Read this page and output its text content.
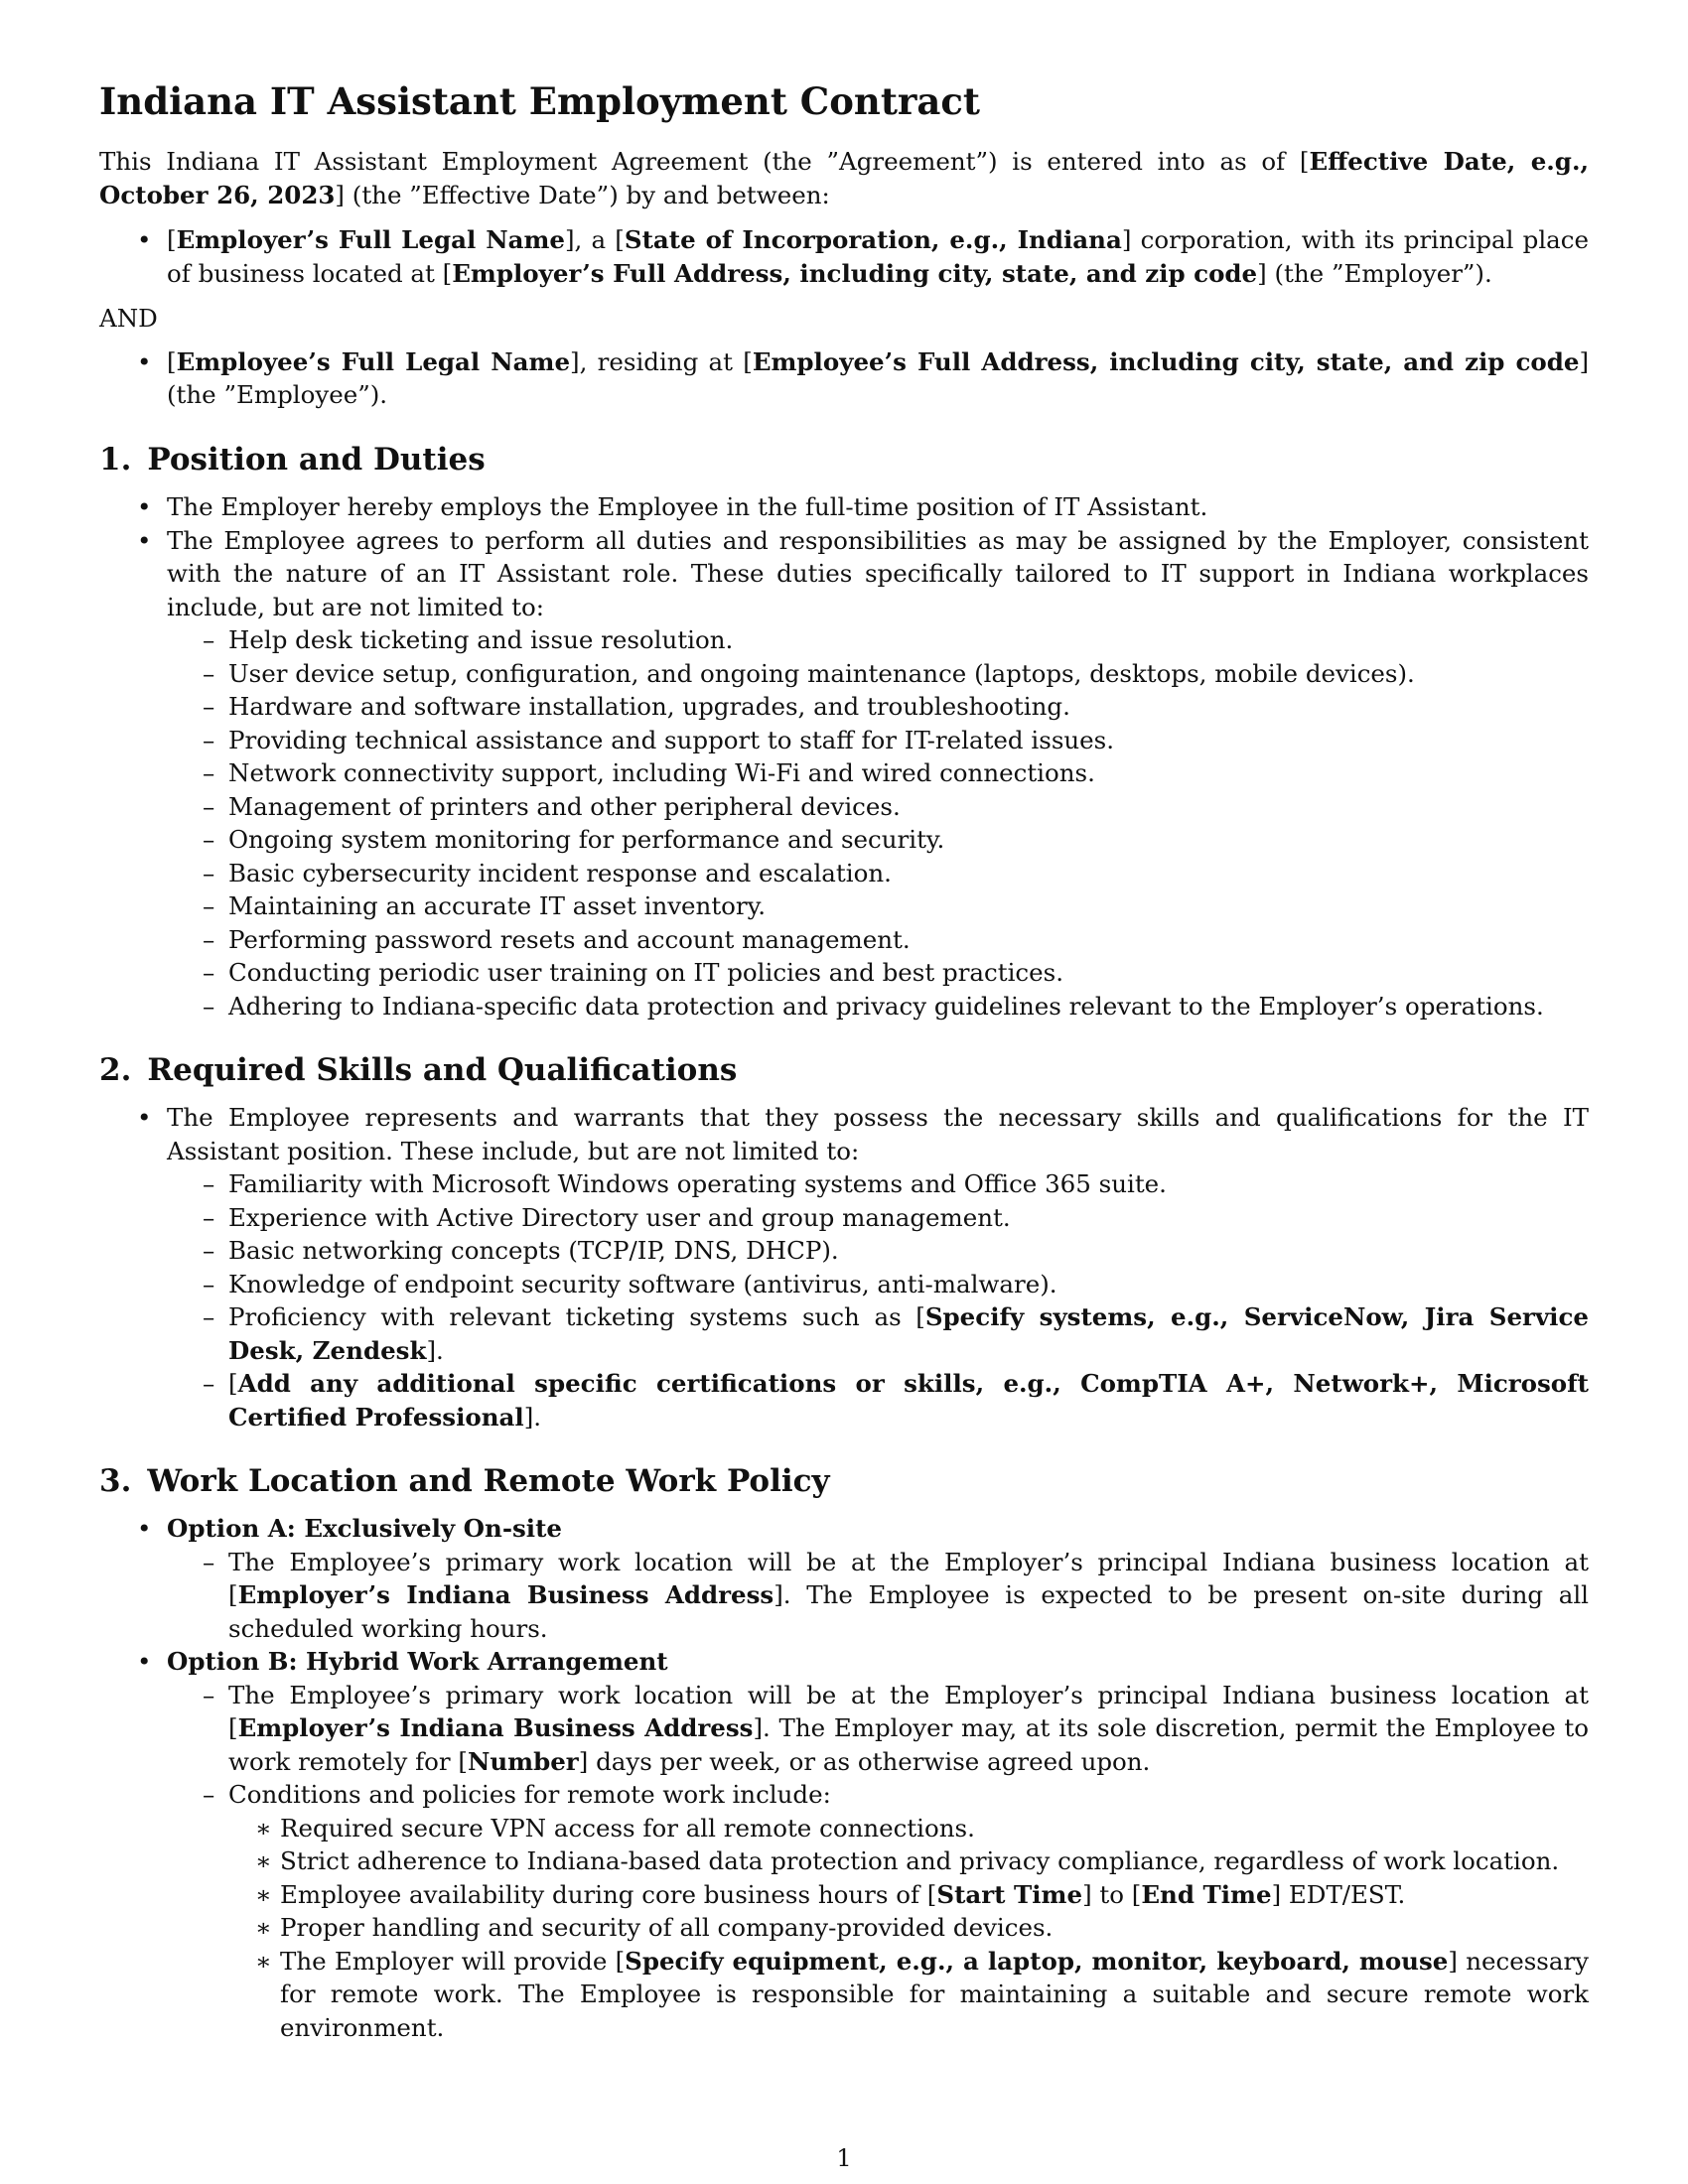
Indiana IT Assistant Employment Contract

This Indiana IT Assistant Employment Agreement (the ”Agreement”) is entered into as of [Effective Date, e.g., October 26, 2023] (the ”Effective Date”) by and between:

• [Employer’s Full Legal Name], a [State of Incorporation, e.g., Indiana] corporation, with its principal place of business located at [Employer’s Full Address, including city, state, and zip code] (the ”Employer”).

AND

• [Employee’s Full Legal Name], residing at [Employee’s Full Address, including city, state, and zip code] (the ”Employee”).
1. Position and Duties
• The Employer hereby employs the Employee in the full-time position of IT Assistant.
• The Employee agrees to perform all duties and responsibilities as may be assigned by the Employer, consistent with the nature of an IT Assistant role. These duties specifically tailored to IT support in Indiana workplaces include, but are not limited to:
– Help desk ticketing and issue resolution.
– User device setup, configuration, and ongoing maintenance (laptops, desktops, mobile devices).
– Hardware and software installation, upgrades, and troubleshooting.
– Providing technical assistance and support to staff for IT-related issues.
– Network connectivity support, including Wi-Fi and wired connections.
– Management of printers and other peripheral devices.
– Ongoing system monitoring for performance and security.
– Basic cybersecurity incident response and escalation.
– Maintaining an accurate IT asset inventory.
– Performing password resets and account management.
– Conducting periodic user training on IT policies and best practices.
– Adhering to Indiana-specific data protection and privacy guidelines relevant to the Employer’s operations.
2. Required Skills and Qualifications
• The Employee represents and warrants that they possess the necessary skills and qualifications for the IT Assistant position. These include, but are not limited to:
– Familiarity with Microsoft Windows operating systems and Office 365 suite.
– Experience with Active Directory user and group management.
– Basic networking concepts (TCP/IP, DNS, DHCP).
– Knowledge of endpoint security software (antivirus, anti-malware).
– Proficiency with relevant ticketing systems such as [Specify systems, e.g., ServiceNow, Jira Service Desk, Zendesk].
– [Add any additional specific certifications or skills, e.g., CompTIA A+, Network+, Microsoft Certified Professional].
3. Work Location and Remote Work Policy
• Option A: Exclusively On-site
– The Employee’s primary work location will be at the Employer’s principal Indiana business location at [Employer’s Indiana Business Address]. The Employee is expected to be present on-site during all scheduled working hours.
• Option B: Hybrid Work Arrangement
– The Employee’s primary work location will be at the Employer’s principal Indiana business location at [Employer’s Indiana Business Address]. The Employer may, at its sole discretion, permit the Employee to work remotely for [Number] days per week, or as otherwise agreed upon.
– Conditions and policies for remote work include:
∗ Required secure VPN access for all remote connections.
∗ Strict adherence to Indiana-based data protection and privacy compliance, regardless of work location.
∗ Employee availability during core business hours of [Start Time] to [End Time] EDT/EST.
∗ Proper handling and security of all company-provided devices.
∗ The Employer will provide [Specify equipment, e.g., a laptop, monitor, keyboard, mouse] necessary for remote work. The Employee is responsible for maintaining a suitable and secure remote work environment.
1
